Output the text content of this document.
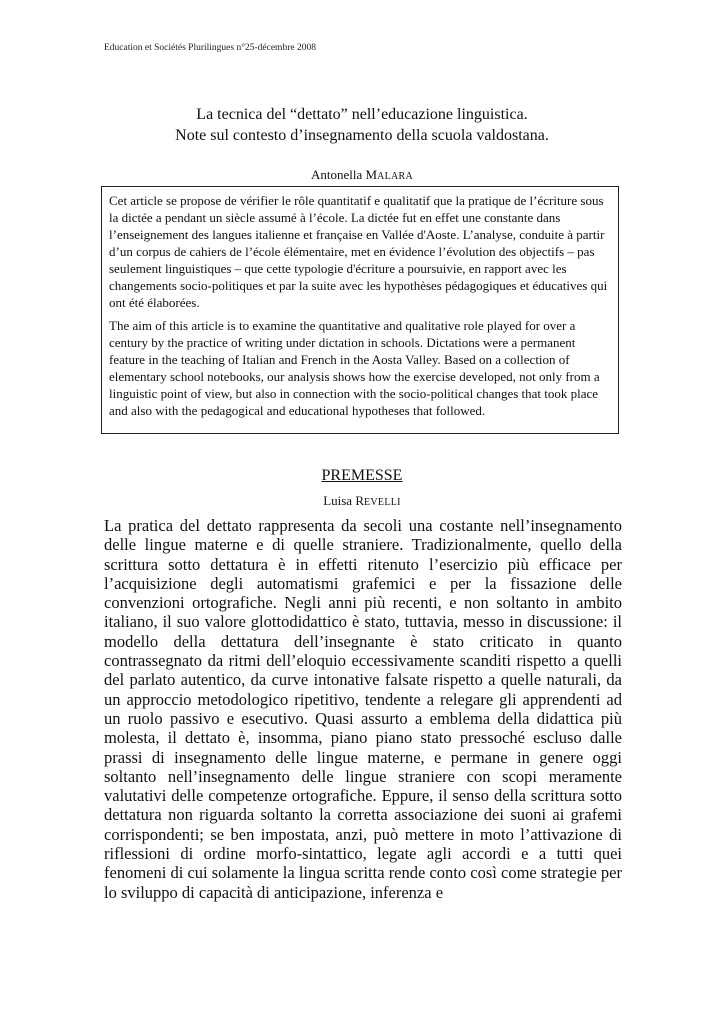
Education et Sociétés Plurilingues n°25-décembre 2008
La tecnica del “dettato” nell’educazione linguistica.
Note sul contesto d’insegnamento della scuola valdostana.
Antonella MALARA

Cet article se propose de vérifier le rôle quantitatif e qualitatif que la pratique de l’écriture sous la dictée a pendant un siècle assumé à l’école. La dictée fut en effet une constante dans l’enseignement des langues italienne et française en Vallée d'Aoste. L’analyse, conduite à partir d’un corpus de cahiers de l’école élémentaire, met en évidence l’évolution des objectifs – pas seulement linguistiques – que cette typologie d'écriture a poursuivie, en rapport avec les changements socio-politiques et par la suite avec les hypothèses pédagogiques et éducatives qui ont été élaborées.

The aim of this article is to examine the quantitative and qualitative role played for over a century by the practice of writing under dictation in schools. Dictations were a permanent feature in the teaching of Italian and French in the Aosta Valley. Based on a collection of elementary school notebooks, our analysis shows how the exercise developed, not only from a linguistic point of view, but also in connection with the socio-political changes that took place and also with the pedagogical and educational hypotheses that followed.

PREMESSE
Luisa REVELLI

La pratica del dettato rappresenta da secoli una costante nell’insegnamento delle lingue materne e di quelle straniere. Tradizionalmente, quello della scrittura sotto dettatura è in effetti ritenuto l’esercizio più efficace per l’acquisizione degli automatismi grafemici e per la fissazione delle convenzioni ortografiche. Negli anni più recenti, e non soltanto in ambito italiano, il suo valore glottodidattico è stato, tuttavia, messo in discussione: il modello della dettatura dell’insegnante è stato criticato in quanto contrassegnato da ritmi dell’eloquio eccessivamente scanditi rispetto a quelli del parlato autentico, da curve intonative falsate rispetto a quelle naturali, da un approccio metodologico ripetitivo, tendente a relegare gli apprendenti ad un ruolo passivo e esecutivo. Quasi assurto a emblema della didattica più molesta, il dettato è, insomma, piano piano stato pressoché escluso dalle prassi di insegnamento delle lingue materne, e permane in genere oggi soltanto nell’insegnamento delle lingue straniere con scopi meramente valutativi delle competenze ortografiche. Eppure, il senso della scrittura sotto dettatura non riguarda soltanto la corretta associazione dei suoni ai grafemi corrispondenti; se ben impostata, anzi, può mettere in moto l’attivazione di riflessioni di ordine morfo-sintattico, legate agli accordi e a tutti quei fenomeni di cui solamente la lingua scritta rende conto così come strategie per lo sviluppo di capacità di anticipazione, inferenza e
